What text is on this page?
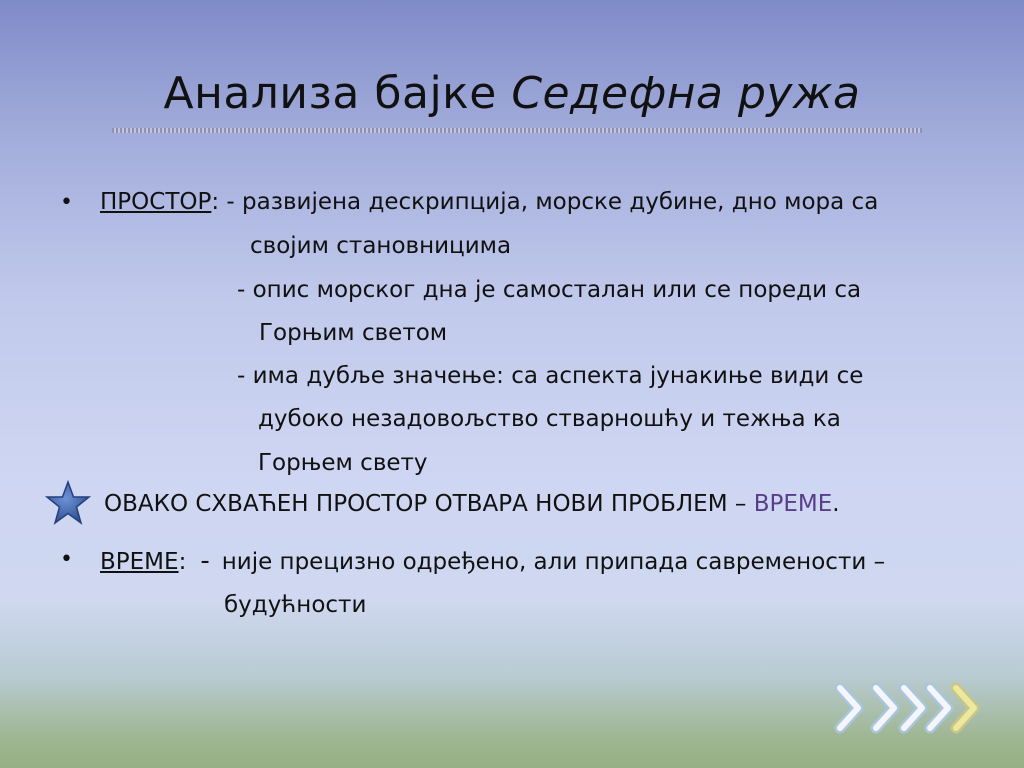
Анализа бајке Седефна ружа
• ПРОСТОР: - развијена дескрипција, морске дубине, дно мора са
својим становницима
- опис морског дна је самосталан или се пореди са
Горњим светом
- има дубље значење: са аспекта јунакиње види се
дубоко незадовољство стварношћу и тежња ка
Горњем свету
ОВАКО СХВАЋЕН ПРОСТОР ОТВАРА НОВИ ПРОБЛЕМ – ВРЕМЕ.
• ВРЕМЕ: - није прецизно одређено, али припада савремености –
будућности
